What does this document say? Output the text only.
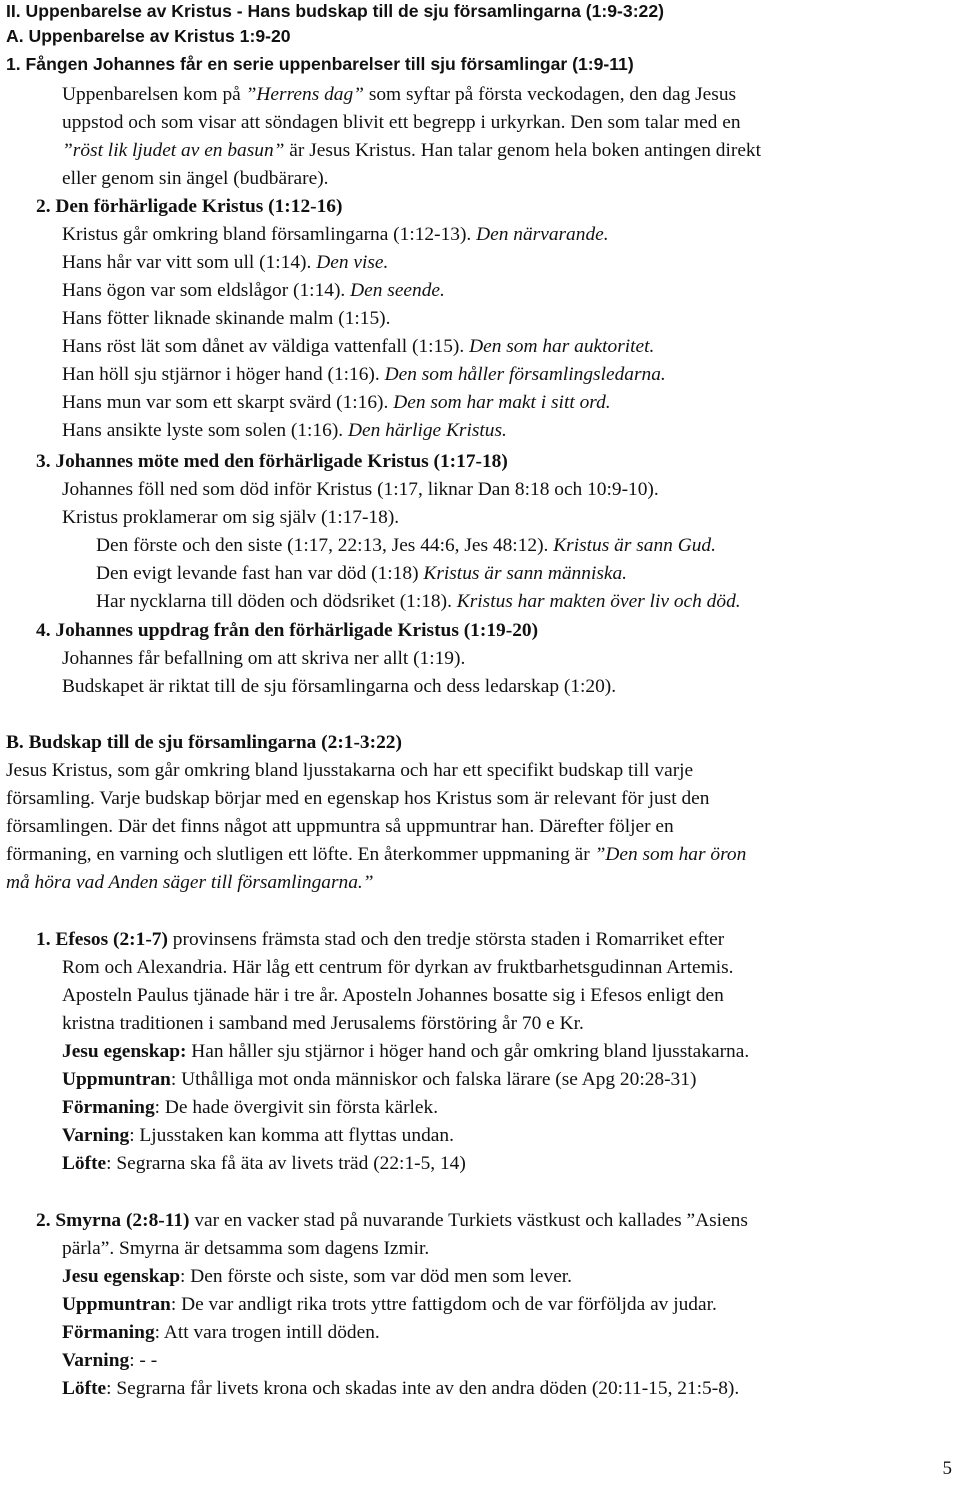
II. Uppenbarelse av Kristus - Hans budskap till de sju församlingarna (1:9-3:22)
A. Uppenbarelse av Kristus 1:9-20
1. Fången Johannes får en serie uppenbarelser till sju församlingar (1:9-11)
Uppenbarelsen kom på ”Herrens dag” som syftar på första veckodagen, den dag Jesus
uppstod och som visar att söndagen blivit ett begrepp i urkyrkan. Den som talar med en
”röst lik ljudet av en basun” är Jesus Kristus. Han talar genom hela boken antingen direkt
eller genom sin ängel (budbärare).
2. Den förhärligade Kristus (1:12-16)
Kristus går omkring bland församlingarna (1:12-13). Den närvarande.
Hans hår var vitt som ull (1:14). Den vise.
Hans ögon var som eldslågor (1:14). Den seende.
Hans fötter liknade skinande malm (1:15).
Hans röst lät som dånet av väldiga vattenfall (1:15). Den som har auktoritet.
Han höll sju stjärnor i höger hand (1:16). Den som håller församlingsledarna.
Hans mun var som ett skarpt svärd (1:16). Den som har makt i sitt ord.
Hans ansikte lyste som solen (1:16). Den härlige Kristus.
3. Johannes möte med den förhärligade Kristus (1:17-18)
Johannes föll ned som död inför Kristus (1:17, liknar Dan 8:18 och 10:9-10).
Kristus proklamerar om sig själv (1:17-18).
Den förste och den siste (1:17, 22:13, Jes 44:6, Jes 48:12). Kristus är sann Gud.
Den evigt levande fast han var död (1:18) Kristus är sann människa.
Har nycklarna till döden och dödsriket (1:18). Kristus har makten över liv och död.
4. Johannes uppdrag från den förhärligade Kristus (1:19-20)
Johannes får befallning om att skriva ner allt (1:19).
Budskapet är riktat till de sju församlingarna och dess ledarskap (1:20).
B. Budskap till de sju församlingarna (2:1-3:22)
Jesus Kristus, som går omkring bland ljusstakarna och har ett specifikt budskap till varje
församling. Varje budskap börjar med en egenskap hos Kristus som är relevant för just den
församlingen. Där det finns något att uppmuntra så uppmuntrar han. Därefter följer en
förmaning, en varning och slutligen ett löfte. En återkommer uppmaning är ”Den som har öron
må höra vad Anden säger till församlingarna.”
1. Efesos (2:1-7) provinsens främsta stad och den tredje största staden i Romarriket efter
Rom och Alexandria. Här låg ett centrum för dyrkan av fruktbarhetsgudinnan Artemis.
Aposteln Paulus tjänade här i tre år. Aposteln Johannes bosatte sig i Efesos enligt den
kristna traditionen i samband med Jerusalems förstöring år 70 e Kr.
Jesu egenskap: Han håller sju stjärnor i höger hand och går omkring bland ljusstakarna.
Uppmuntran: Uthålliga mot onda människor och falska lärare (se Apg 20:28-31)
Förmaning: De hade övergivit sin första kärlek.
Varning: Ljusstaken kan komma att flyttas undan.
Löfte: Segrarna ska få äta av livets träd (22:1-5, 14)
2. Smyrna (2:8-11) var en vacker stad på nuvarande Turkiets västkust och kallades ”Asiens
pärla”. Smyrna är detsamma som dagens Izmir.
Jesu egenskap: Den förste och siste, som var död men som lever.
Uppmuntran: De var andligt rika trots yttre fattigdom och de var förföljda av judar.
Förmaning: Att vara trogen intill döden.
Varning: - -
Löfte: Segrarna får livets krona och skadas inte av den andra döden (20:11-15, 21:5-8).
5
